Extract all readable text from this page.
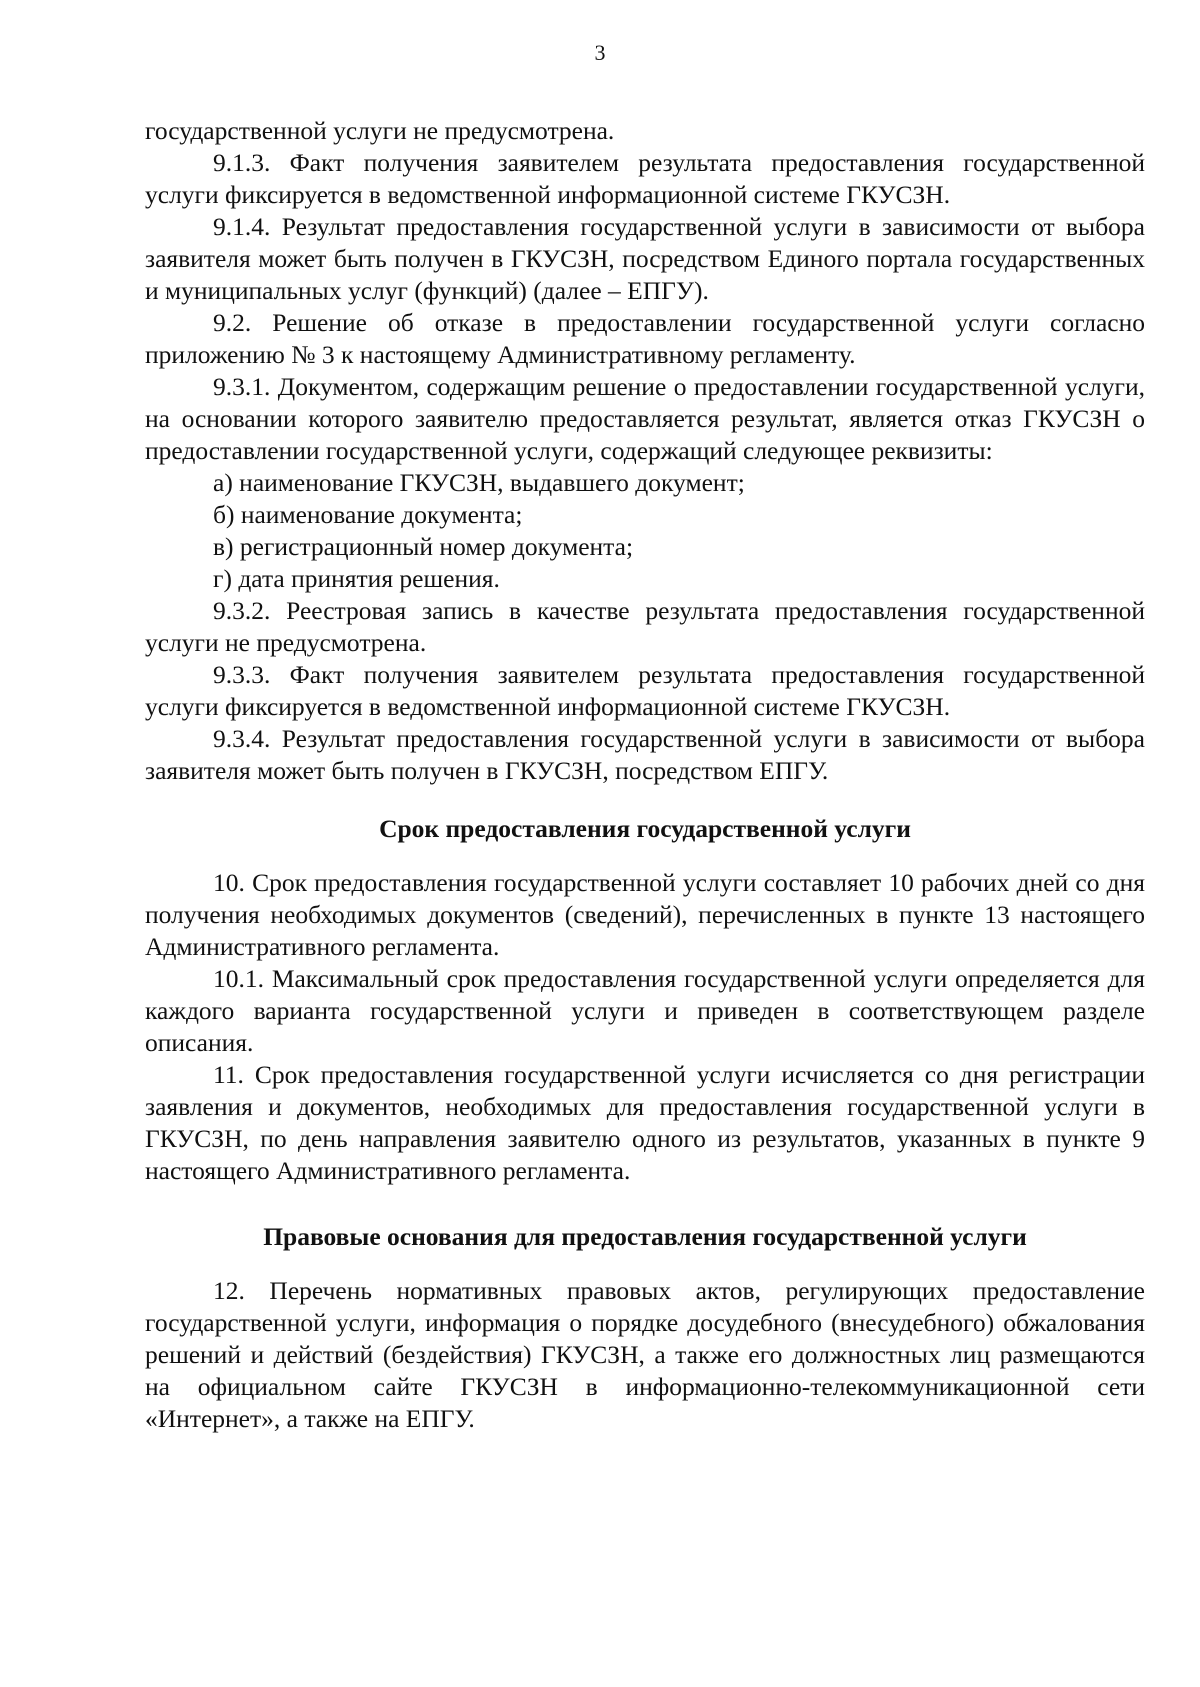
3
государственной услуги не предусмотрена.
9.1.3. Факт получения заявителем результата предоставления государственной услуги фиксируется в ведомственной информационной системе ГКУСЗН.
9.1.4. Результат предоставления государственной услуги в зависимости от выбора заявителя может быть получен в ГКУСЗН, посредством Единого портала государственных и муниципальных услуг (функций) (далее – ЕПГУ).
9.2. Решение об отказе в предоставлении государственной услуги согласно приложению № 3 к настоящему Административному регламенту.
9.3.1. Документом, содержащим решение о предоставлении государственной услуги, на основании которого заявителю предоставляется результат, является отказ ГКУСЗН о предоставлении государственной услуги, содержащий следующее реквизиты:
а) наименование ГКУСЗН, выдавшего документ;
б) наименование документа;
в) регистрационный номер документа;
г) дата принятия решения.
9.3.2. Реестровая запись в качестве результата предоставления государственной услуги не предусмотрена.
9.3.3. Факт получения заявителем результата предоставления государственной услуги фиксируется в ведомственной информационной системе ГКУСЗН.
9.3.4. Результат предоставления государственной услуги в зависимости от выбора заявителя может быть получен в ГКУСЗН, посредством ЕПГУ.
Срок предоставления государственной услуги
10. Срок предоставления государственной услуги составляет 10 рабочих дней со дня получения необходимых документов (сведений), перечисленных в пункте 13 настоящего Административного регламента.
10.1. Максимальный срок предоставления государственной услуги определяется для каждого варианта государственной услуги и приведен в соответствующем разделе описания.
11. Срок предоставления государственной услуги исчисляется со дня регистрации заявления и документов, необходимых для предоставления государственной услуги в ГКУСЗН, по день направления заявителю одного из результатов, указанных в пункте 9 настоящего Административного регламента.
Правовые основания для предоставления государственной услуги
12. Перечень нормативных правовых актов, регулирующих предоставление государственной услуги, информация о порядке досудебного (внесудебного) обжалования решений и действий (бездействия) ГКУСЗН, а также его должностных лиц размещаются на официальном сайте ГКУСЗН в информационно-телекоммуникационной сети «Интернет», а также на ЕПГУ.
